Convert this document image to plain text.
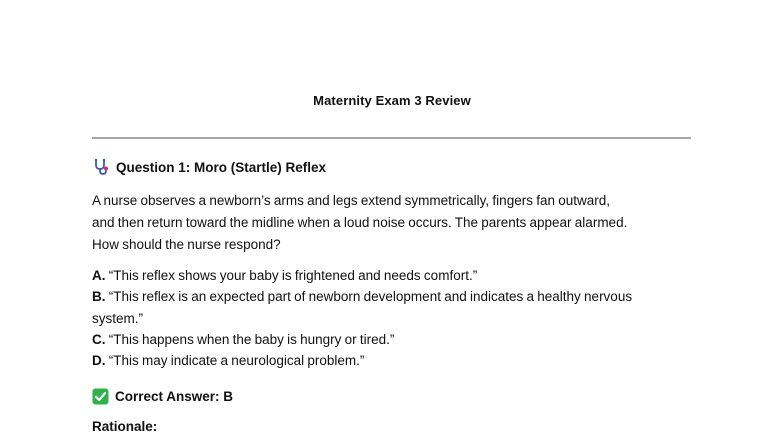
Maternity Exam 3 Review
Question 1: Moro (Startle) Reflex
A nurse observes a newborn’s arms and legs extend symmetrically, fingers fan outward,
and then return toward the midline when a loud noise occurs. The parents appear alarmed.
How should the nurse respond?
A. “This reflex shows your baby is frightened and needs comfort.”
B. “This reflex is an expected part of newborn development and indicates a healthy nervous
system.”
C. “This happens when the baby is hungry or tired.”
D. “This may indicate a neurological problem.”
Correct Answer: B
Rationale:
